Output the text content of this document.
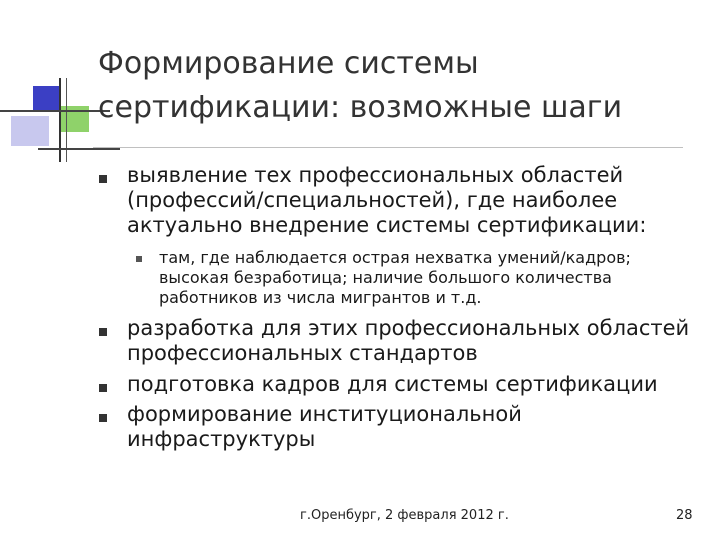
Формирование системы
сертификации: возможные шаги
выявление тех профессиональных областей
(профессий/специальностей), где наиболее
актуально внедрение системы сертификации:
там, где наблюдается острая нехватка умений/кадров;
высокая безработица; наличие большого количества
работников из числа мигрантов и т.д.
разработка для этих профессиональных областей
профессиональных стандартов
подготовка кадров для системы сертификации
формирование институциональной
инфраструктуры
г.Оренбург, 2 февраля 2012 г.	28
